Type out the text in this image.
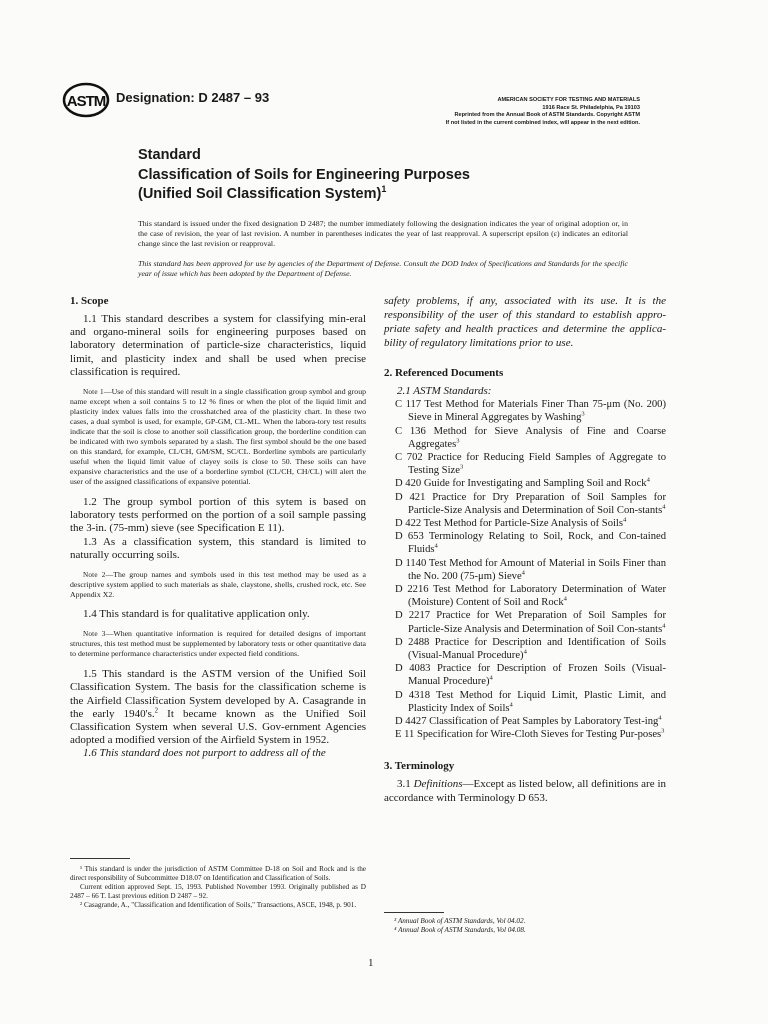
ASTM Designation: D 2487 – 93	AMERICAN SOCIETY FOR TESTING AND MATERIALS
1916 Race St. Philadelphia, Pa 19103
Reprinted from the Annual Book of ASTM Standards. Copyright ASTM
If not listed in the current combined index, will appear in the next edition.
Standard
Classification of Soils for Engineering Purposes
(Unified Soil Classification System)$^1$
This standard is issued under the fixed designation D 2487; the number immediately following the designation indicates the year of original adoption or, in the case of revision, the year of last revision. A number in parentheses indicates the year of last reapproval. A superscript epsilon (ε) indicates an editorial change since the last revision or reapproval.
This standard has been approved for use by agencies of the Department of Defense. Consult the DOD Index of Specifications and Standards for the specific year of issue which has been adopted by the Department of Defense.
1. Scope

1.1 This standard describes a system for classifying min-eral and organo-mineral soils for engineering purposes based on laboratory determination of particle-size characteristics, liquid limit, and plasticity index and shall be used when precise classification is required.

Note 1—Use of this standard will result in a single classification group symbol and group name except when a soil contains 5 to 12 % fines or when the plot of the liquid limit and plasticity index values falls into the crosshatched area of the plasticity chart. In these two cases, a dual symbol is used, for example, GP-GM, CL-ML. When the labora-tory test results indicate that the soil is close to another soil classification group, the borderline condition can be indicated with two symbols separated by a slash. The first symbol should be the one based on this standard, for example, CL/CH, GM/SM, SC/CL. Borderline symbols are particularly useful when the liquid limit value of clayey soils is close to 50. These soils can have expansive characteristics and the use of a borderline symbol (CL/CH, CH/CL) will alert the user of the assigned classifications of expansive potential.

1.2 The group symbol portion of this sytem is based on laboratory tests performed on the portion of a soil sample passing the 3-in. (75-mm) sieve (see Specification E 11).

1.3 As a classification system, this standard is limited to naturally occurring soils.

Note 2—The group names and symbols used in this test method may be used as a descriptive system applied to such materials as shale, claystone, shells, crushed rock, etc. See Appendix X2.

1.4 This standard is for qualitative application only.

Note 3—When quantitative information is required for detailed designs of important structures, this test method must be supplemented by laboratory tests or other quantitative data to determine performance characteristics under expected field conditions.

1.5 This standard is the ASTM version of the Unified Soil Classification System. The basis for the classification scheme is the Airfield Classification System developed by A. Casagrande in the early 1940's.$^2$ It became known as the Unified Soil Classification System when several U.S. Gov-ernment Agencies adopted a modified version of the Airfield System in 1952.

1.6 This standard does not purport to address all of the

¹ This standard is under the jurisdiction of ASTM Committee D-18 on Soil and Rock and is the direct responsibility of Subcommittee D18.07 on Identification and Classification of Soils.

Current edition approved Sept. 15, 1993. Published November 1993. Originally published as D 2487 – 66 T. Last previous edition D 2487 – 92.

² Casagrande, A., "Classification and Identification of Soils," Transactions, ASCE, 1948, p. 901.

safety problems, if any, associated with its use. It is the responsibility of the user of this standard to establish appro-priate safety and health practices and determine the applica-bility of regulatory limitations prior to use.

2. Referenced Documents

2.1 ASTM Standards:

C 117 Test Method for Materials Finer Than 75-μm (No. 200) Sieve in Mineral Aggregates by Washing$^3$

C 136 Method for Sieve Analysis of Fine and Coarse Aggregates$^3$

C 702 Practice for Reducing Field Samples of Aggregate to Testing Size$^3$

D 420 Guide for Investigating and Sampling Soil and Rock$^4$

D 421 Practice for Dry Preparation of Soil Samples for Particle-Size Analysis and Determination of Soil Con-stants$^4$

D 422 Test Method for Particle-Size Analysis of Soils$^4$

D 653 Terminology Relating to Soil, Rock, and Con-tained Fluids$^4$

D 1140 Test Method for Amount of Material in Soils Finer than the No. 200 (75-μm) Sieve$^4$

D 2216 Test Method for Laboratory Determination of Water (Moisture) Content of Soil and Rock$^4$

D 2217 Practice for Wet Preparation of Soil Samples for Particle-Size Analysis and Determination of Soil Con-stants$^4$

D 2488 Practice for Description and Identification of Soils (Visual-Manual Procedure)$^4$

D 4083 Practice for Description of Frozen Soils (Visual-Manual Procedure)$^4$

D 4318 Test Method for Liquid Limit, Plastic Limit, and Plasticity Index of Soils$^4$

D 4427 Classification of Peat Samples by Laboratory Test-ing$^4$

E 11 Specification for Wire-Cloth Sieves for Testing Pur-poses$^3$

3. Terminology

3.1 Definitions—Except as listed below, all definitions are in accordance with Terminology D 653.

³ Annual Book of ASTM Standards, Vol 04.02.

⁴ Annual Book of ASTM Standards, Vol 04.08.

1
